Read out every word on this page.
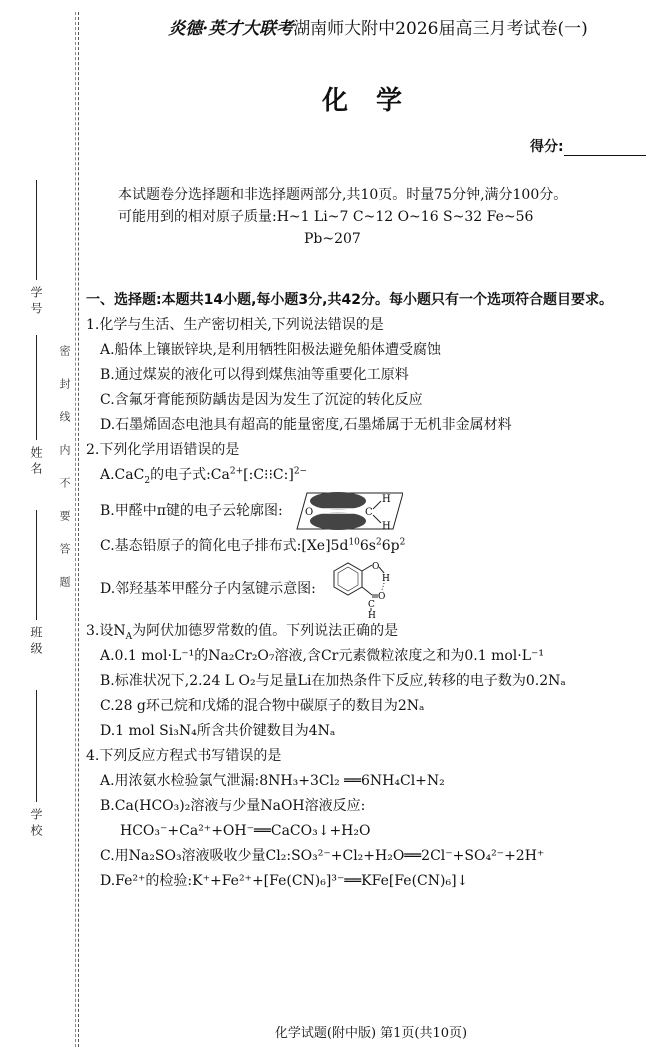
学号
姓名
班级
学校
密封线内不要答题
炎德·英才大联考湖南师大附中2026届高三月考试卷(一)
化学
得分:

本试题卷分选择题和非选择题两部分,共10页。时量75分钟,满分100分。

可能用到的相对原子质量:H~1 Li~7 C~12 O~16 S~32 Fe~56

Pb~207

一、选择题:本题共14小题,每小题3分,共42分。每小题只有一个选项符合题目要求。

1.化学与生活、生产密切相关,下列说法错误的是

A.船体上镶嵌锌块,是利用牺牲阳极法避免船体遭受腐蚀

B.通过煤炭的液化可以得到煤焦油等重要化工原料

C.含氟牙膏能预防龋齿是因为发生了沉淀的转化反应

D.石墨烯固态电池具有超高的能量密度,石墨烯属于无机非金属材料

2.下列化学用语错误的是

A.CaC$_2$的电子式$:Ca^{2+}[:C⁝⁝C:]^{2-}$

B.甲醛中π键的电子云轮廓图: O	C
H
H

C.基态铅原子的简化电子排布式$:[Xe]5d^{10}6s^26p^2$

D.邻羟基苯甲醛分子内氢键示意图:
O
H
O
C
H

3.设$N_A$为阿伏加德罗常数的值。下列说法正确的是

A.0.1 mol·L⁻¹的Na₂Cr₂O₇溶液,含Cr元素微粒浓度之和为0.1 mol·L⁻¹

B.标准状况下,2.24 L O₂与足量Li在加热条件下反应,转移的电子数为0.2Nₐ

C.28 g环己烷和戊烯的混合物中碳原子的数目为2Nₐ

D.1 mol Si₃N₄所含共价键数目为4Nₐ

4.下列反应方程式书写错误的是

A.用浓氨水检验氯气泄漏:8NH₃+3Cl₂ ══6NH₄Cl+N₂

B.Ca(HCO₃)₂溶液与少量NaOH溶液反应:

HCO₃⁻+Ca²⁺+OH⁻══CaCO₃↓+H₂O

C.用Na₂SO₃溶液吸收少量Cl₂:SO₃²⁻+Cl₂+H₂O══2Cl⁻+SO₄²⁻+2H⁺

D.Fe²⁺的检验:K⁺+Fe²⁺+[Fe(CN)₆]³⁻══KFe[Fe(CN)₆]↓

化学试题(附中版) 第1页(共10页)
